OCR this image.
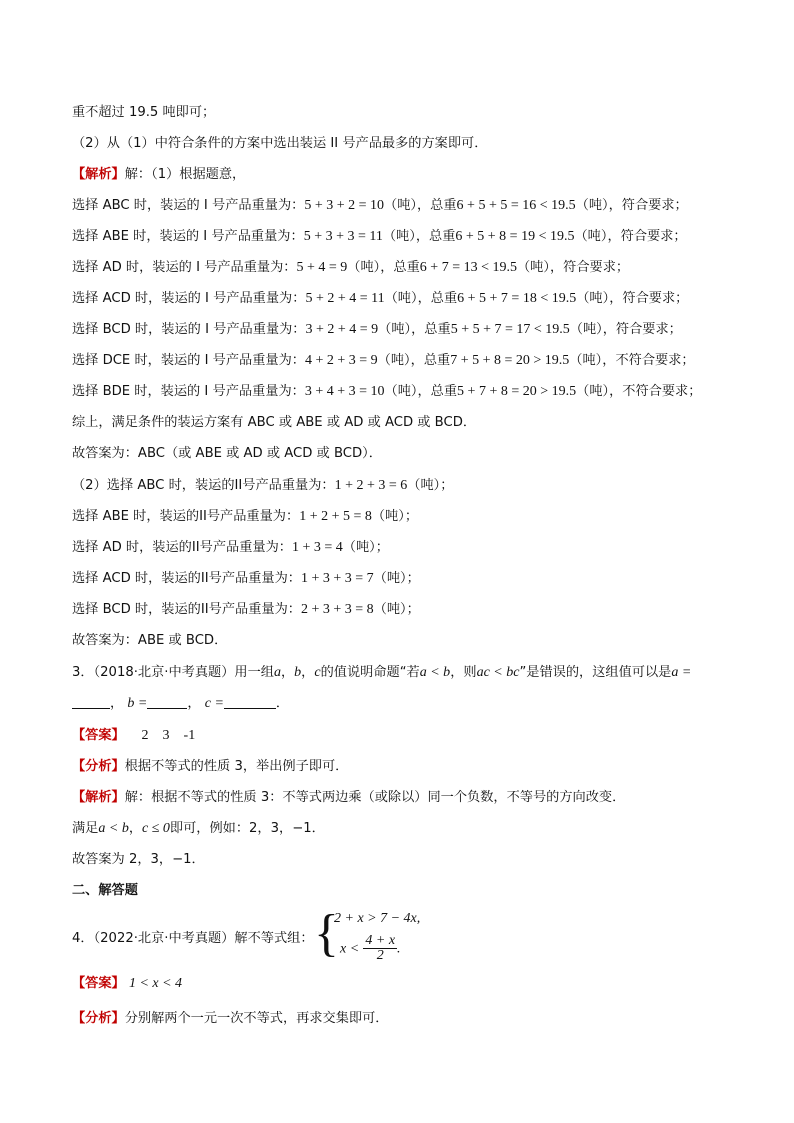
重不超过 19.5 吨即可；
（2）从（1）中符合条件的方案中选出装运 II 号产品最多的方案即可．
【解析】解：（1）根据题意，
选择 ABC 时，装运的 I 号产品重量为：5 + 3 + 2 = 10（吨），总重6 + 5 + 5 = 16 < 19.5（吨），符合要求；
选择 ABE 时，装运的 I 号产品重量为：5 + 3 + 3 = 11（吨），总重6 + 5 + 8 = 19 < 19.5（吨），符合要求；
选择 AD 时，装运的 I 号产品重量为：5 + 4 = 9（吨），总重6 + 7 = 13 < 19.5（吨），符合要求；
选择 ACD 时，装运的 I 号产品重量为：5 + 2 + 4 = 11（吨），总重6 + 5 + 7 = 18 < 19.5（吨），符合要求；
选择 BCD 时，装运的 I 号产品重量为：3 + 2 + 4 = 9（吨），总重5 + 5 + 7 = 17 < 19.5（吨），符合要求；
选择 DCE 时，装运的 I 号产品重量为：4 + 2 + 3 = 9（吨），总重7 + 5 + 8 = 20 > 19.5（吨），不符合要求；
选择 BDE 时，装运的 I 号产品重量为：3 + 4 + 3 = 10（吨），总重5 + 7 + 8 = 20 > 19.5（吨），不符合要求；
综上，满足条件的装运方案有 ABC 或 ABE 或 AD 或 ACD 或 BCD．
故答案为：ABC（或 ABE 或 AD 或 ACD 或 BCD）．
（2）选择 ABC 时，装运的II号产品重量为：1 + 2 + 3 = 6（吨）；
选择 ABE 时，装运的II号产品重量为：1 + 2 + 5 = 8（吨）；
选择 AD 时，装运的II号产品重量为：1 + 3 = 4（吨）；
选择 ACD 时，装运的II号产品重量为：1 + 3 + 3 = 7（吨）；
选择 BCD 时，装运的II号产品重量为：2 + 3 + 3 = 8（吨）；
故答案为：ABE 或 BCD．
3．（2018·北京·中考真题）用一组a，b，c的值说明命题“若a < b，则ac < bc”是错误的，这组值可以是a =
， b =	， c =	．
【答案】 2    3    -1
【分析】根据不等式的性质 3，举出例子即可．
【解析】解：根据不等式的性质 3：不等式两边乘（或除以）同一个负数，不等号的方向改变．
满足a < b，c ≤ 0即可，例如：2，3，−1．
故答案为 2，3，−1．
二、解答题
4．（2022·北京·中考真题）解不等式组： {
2 + x > 7 − 4x,
$x < \frac{4 + x}{2}$ .
【答案】 1 < x < 4
【分析】分别解两个一元一次不等式，再求交集即可．
